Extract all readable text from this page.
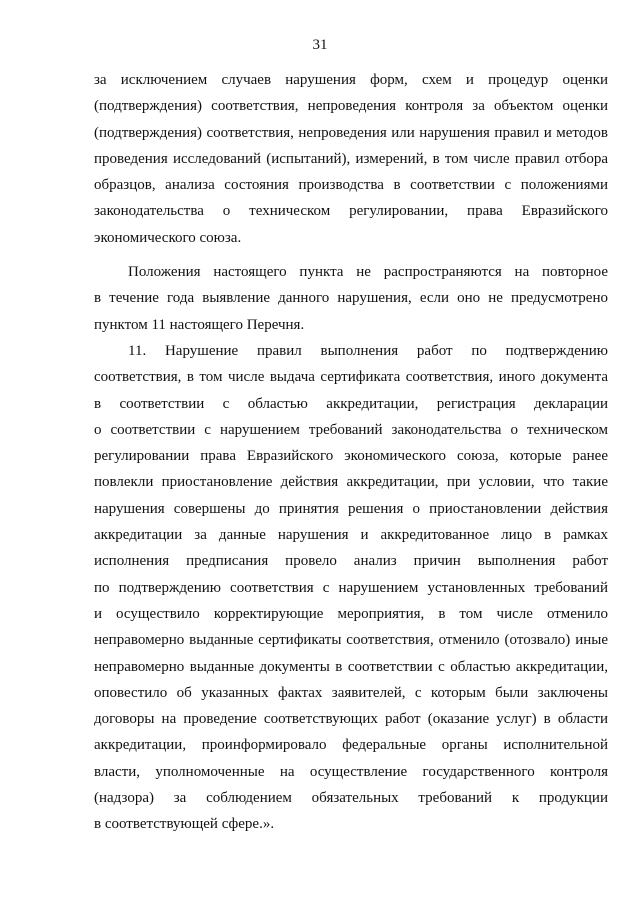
31
за исключением случаев нарушения форм, схем и процедур оценки
(подтверждения) соответствия, непроведения контроля за объектом оценки
(подтверждения) соответствия, непроведения или нарушения правил и методов
проведения исследований (испытаний), измерений, в том числе правил отбора
образцов, анализа состояния производства в соответствии с положениями
законодательства о техническом регулировании, права Евразийского
экономического союза.
Положения настоящего пункта не распространяются на повторное
в течение года выявление данного нарушения, если оно не предусмотрено
пунктом 11 настоящего Перечня.
11. Нарушение правил выполнения работ по подтверждению
соответствия, в том числе выдача сертификата соответствия, иного документа
в соответствии с областью аккредитации, регистрация декларации
о соответствии с нарушением требований законодательства о техническом
регулировании права Евразийского экономического союза, которые ранее
повлекли приостановление действия аккредитации, при условии, что такие
нарушения совершены до принятия решения о приостановлении действия
аккредитации за данные нарушения и аккредитованное лицо в рамках
исполнения предписания провело анализ причин выполнения работ
по подтверждению соответствия с нарушением установленных требований
и осуществило корректирующие мероприятия, в том числе отменило
неправомерно выданные сертификаты соответствия, отменило (отозвало) иные
неправомерно выданные документы в соответствии с областью аккредитации,
оповестило об указанных фактах заявителей, с которым были заключены
договоры на проведение соответствующих работ (оказание услуг) в области
аккредитации, проинформировало федеральные органы исполнительной
власти, уполномоченные на осуществление государственного контроля
(надзора) за соблюдением обязательных требований к продукции
в соответствующей сфере.».
